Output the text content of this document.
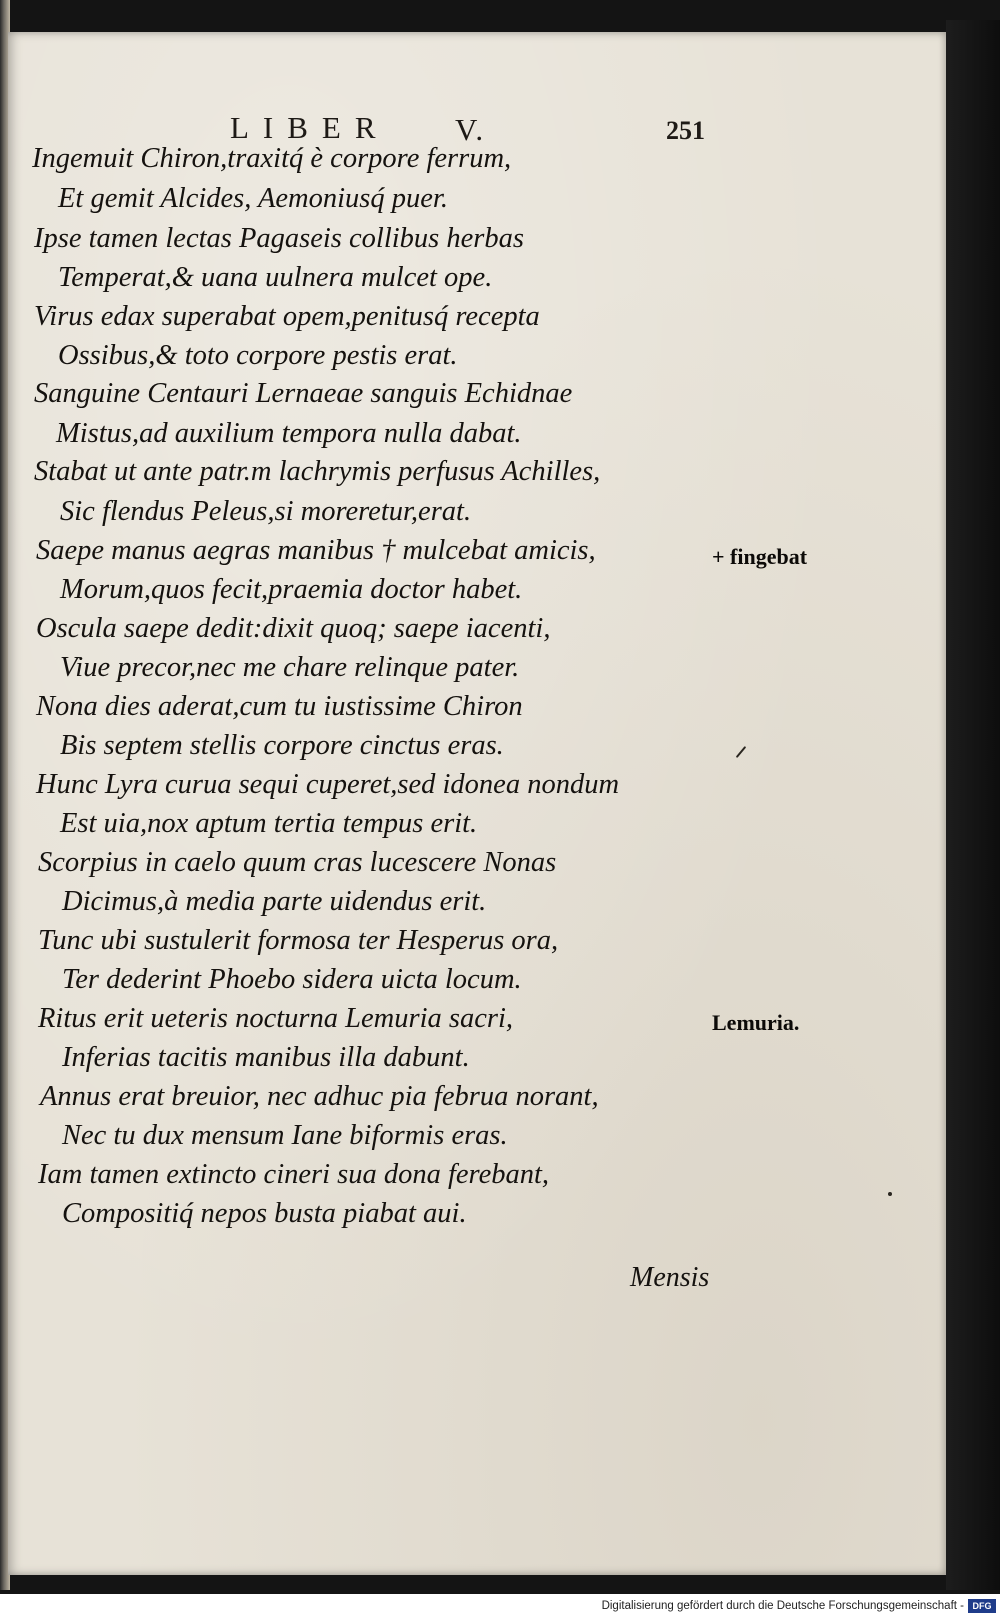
LIBER V.	251
Ingemuit Chiron,traxitq́ è corpore ferrum,
Et gemit Alcides, Aemoniusq́ puer.
Ipse tamen lectas Pagaseis collibus herbas
Temperat,& uana uulnera mulcet ope.
Virus edax superabat opem,penitusq́ recepta
Ossibus,& toto corpore pestis erat.
Sanguine Centauri Lernaeae sanguis Echidnae
Mistus,ad auxilium tempora nulla dabat.
Stabat ut ante patr.m lachrymis perfusus Achilles,
Sic flendus Peleus,si moreretur,erat.
Saepe manus aegras manibus † mulcebat amicis,
Morum,quos fecit,praemia doctor habet.
Oscula saepe dedit:dixit quoq; saepe iacenti,
Viue precor,nec me chare relinque pater.
Nona dies aderat,cum tu iustissime Chiron
Bis septem stellis corpore cinctus eras.
Hunc Lyra curua sequi cuperet,sed idonea nondum
Est uia,nox aptum tertia tempus erit.
Scorpius in caelo quum cras lucescere Nonas
Dicimus,à media parte uidendus erit.
Tunc ubi sustulerit formosa ter Hesperus ora,
Ter dederint Phoebo sidera uicta locum.
Ritus erit ueteris nocturna Lemuria sacri,
Inferias tacitis manibus illa dabunt.
Annus erat breuior, nec adhuc pia februa norant,
Nec tu dux mensum Iane biformis eras.
Iam tamen extincto cineri sua dona ferebant,
Compositiq́ nepos busta piabat aui.
+ fingebat
Lemuria.
Mensis
Digitalisierung gefördert durch die Deutsche Forschungsgemeinschaft - DFG
